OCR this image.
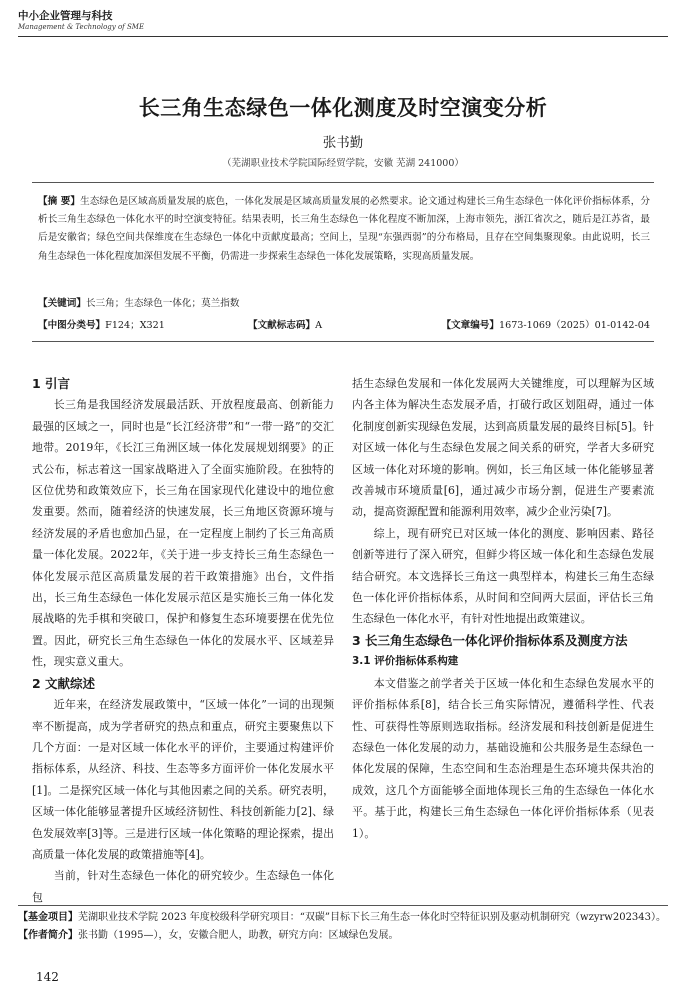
中小企业管理与科技
Management & Technology of SME
长三角生态绿色一体化测度及时空演变分析
张书勤
（芜湖职业技术学院国际经贸学院，安徽 芜湖 241000）
【摘 要】生态绿色是区域高质量发展的底色，一体化发展是区域高质量发展的必然要求。论文通过构建长三角生态绿色一体化评价指标体系，分析长三角生态绿色一体化水平的时空演变特征。结果表明，长三角生态绿色一体化程度不断加深，上海市领先，浙江省次之，随后是江苏省，最后是安徽省；绿色空间共保维度在生态绿色一体化中贡献度最高；空间上，呈现“东强西弱”的分布格局，且存在空间集聚现象。由此说明，长三角生态绿色一体化程度加深但发展不平衡，仍需进一步探索生态绿色一体化发展策略，实现高质量发展。
【关键词】长三角；生态绿色一体化；莫兰指数
【中图分类号】F124；X321	【文献标志码】A	【文章编号】1673-1069（2025）01-0142-04
1 引言

长三角是我国经济发展最活跃、开放程度最高、创新能力最强的区域之一，同时也是“长江经济带”和“一带一路”的交汇地带。2019年，《长江三角洲区域一体化发展规划纲要》的正式公布，标志着这一国家战略进入了全面实施阶段。在独特的区位优势和政策效应下，长三角在国家现代化建设中的地位愈发重要。然而，随着经济的快速发展，长三角地区资源环境与经济发展的矛盾也愈加凸显，在一定程度上制约了长三角高质量一体化发展。2022年，《关于进一步支持长三角生态绿色一体化发展示范区高质量发展的若干政策措施》出台，文件指出，长三角生态绿色一体化发展示范区是实施长三角一体化发展战略的先手棋和突破口，保护和修复生态环境要摆在优先位置。因此，研究长三角生态绿色一体化的发展水平、区域差异性，现实意义重大。

2 文献综述

近年来，在经济发展政策中，“区域一体化”一词的出现频率不断提高，成为学者研究的热点和重点，研究主要聚焦以下几个方面：一是对区域一体化水平的评价，主要通过构建评价指标体系，从经济、科技、生态等多方面评价一体化发展水平[1]。二是探究区域一体化与其他因素之间的关系。研究表明，区域一体化能够显著提升区域经济韧性、科技创新能力[2]、绿色发展效率[3]等。三是进行区域一体化策略的理论探索，提出高质量一体化发展的政策措施等[4]。

当前，针对生态绿色一体化的研究较少。生态绿色一体化包

括生态绿色发展和一体化发展两大关键维度，可以理解为区域内各主体为解决生态发展矛盾，打破行政区划阻碍，通过一体化制度创新实现绿色发展，达到高质量发展的最终目标[5]。针对区域一体化与生态绿色发展之间关系的研究，学者大多研究区域一体化对环境的影响。例如，长三角区域一体化能够显著改善城市环境质量[6]，通过减少市场分割，促进生产要素流动，提高资源配置和能源利用效率，减少企业污染[7]。

综上，现有研究已对区域一体化的测度、影响因素、路径创新等进行了深入研究，但鲜少将区域一体化和生态绿色发展结合研究。本文选择长三角这一典型样本，构建长三角生态绿色一体化评价指标体系，从时间和空间两大层面，评估长三角生态绿色一体化水平，有针对性地提出政策建议。

3 长三角生态绿色一体化评价指标体系及测度方法
3.1 评价指标体系构建

本文借鉴之前学者关于区域一体化和生态绿色发展水平的评价指标体系[8]，结合长三角实际情况，遵循科学性、代表性、可获得性等原则选取指标。经济发展和科技创新是促进生态绿色一体化发展的动力，基础设施和公共服务是生态绿色一体化发展的保障，生态空间和生态治理是生态环境共保共治的成效，这几个方面能够全面地体现长三角的生态绿色一体化水平。基于此，构建长三角生态绿色一体化评价指标体系（见表1）。

【基金项目】芜湖职业技术学院 2023 年度校级科学研究项目：“双碳”目标下长三角生态一体化时空特征识别及驱动机制研究（wzyrw202343）。

【作者简介】张书勤（1995—），女，安徽合肥人，助教，研究方向：区域绿色发展。

142
